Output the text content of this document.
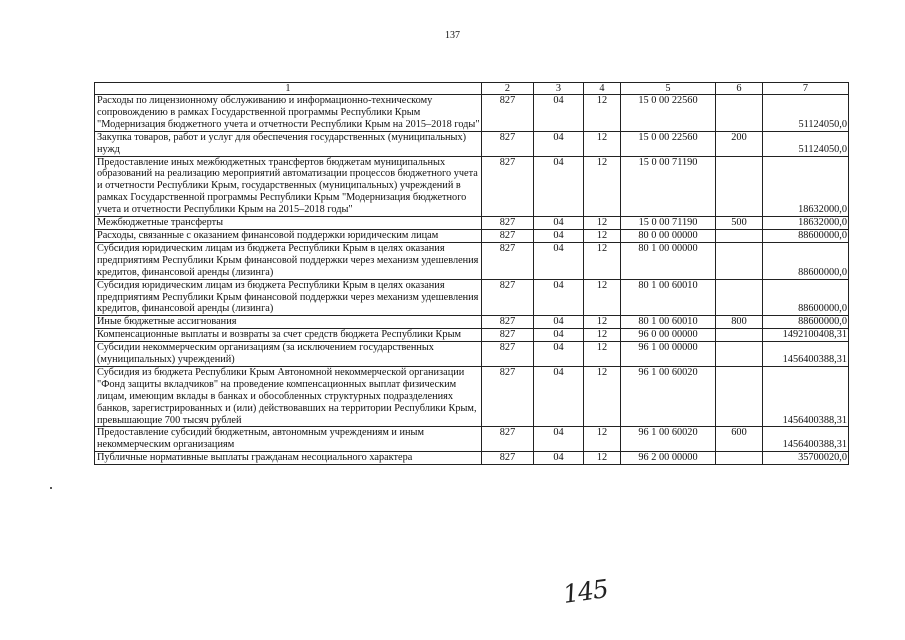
137
1	2	3	4	5	6	7
Расходы по лицензионному обслуживанию и информационно-техническому сопровождению в рамках Государственной программы Республики Крым "Модернизация бюджетного учета и отчетности Республики Крым на 2015–2018 годы"	827	04	12	15 0 00 22560		51124050,0
Закупка товаров, работ и услуг для обеспечения государственных (муниципальных) нужд	827	04	12	15 0 00 22560	200	51124050,0
Предоставление иных межбюджетных трансфертов бюджетам муниципальных образований на реализацию мероприятий автоматизации процессов бюджетного учета и отчетности Республики Крым, государственных (муниципальных) учреждений в рамках Государственной программы Республики Крым "Модернизация бюджетного учета и отчетности Республики Крым на 2015–2018 годы"	827	04	12	15 0 00 71190		18632000,0
Межбюджетные трансферты	827	04	12	15 0 00 71190	500	18632000,0
Расходы, связанные с оказанием финансовой поддержки юридическим лицам	827	04	12	80 0 00 00000		88600000,0
Субсидия юридическим лицам из бюджета Республики Крым в целях оказания предприятиям Республики Крым финансовой поддержки через механизм удешевления кредитов, финансовой аренды (лизинга)	827	04	12	80 1 00 00000		88600000,0
Субсидия юридическим лицам из бюджета Республики Крым в целях оказания предприятиям Республики Крым финансовой поддержки через механизм удешевления кредитов, финансовой аренды (лизинга)	827	04	12	80 1 00 60010		88600000,0
Иные бюджетные ассигнования	827	04	12	80 1 00 60010	800	88600000,0
Компенсационные выплаты и возвраты за счет средств бюджета Республики Крым	827	04	12	96 0 00 00000		1492100408,31
Субсидии некоммерческим организациям (за исключением государственных (муниципальных) учреждений)	827	04	12	96 1 00 00000		1456400388,31
Субсидия из бюджета Республики Крым Автономной некоммерческой организации "Фонд защиты вкладчиков" на проведение компенсационных выплат физическим лицам, имеющим вклады в банках и обособленных структурных подразделениях банков, зарегистрированных и (или) действовавших на территории Республики Крым, превышающие 700 тысяч рублей	827	04	12	96 1 00 60020		1456400388,31
Предоставление субсидий бюджетным, автономным учреждениям и иным некоммерческим организациям	827	04	12	96 1 00 60020	600	1456400388,31
Публичные нормативные выплаты гражданам несоциального характера	827	04	12	96 2 00 00000		35700020,0
145
